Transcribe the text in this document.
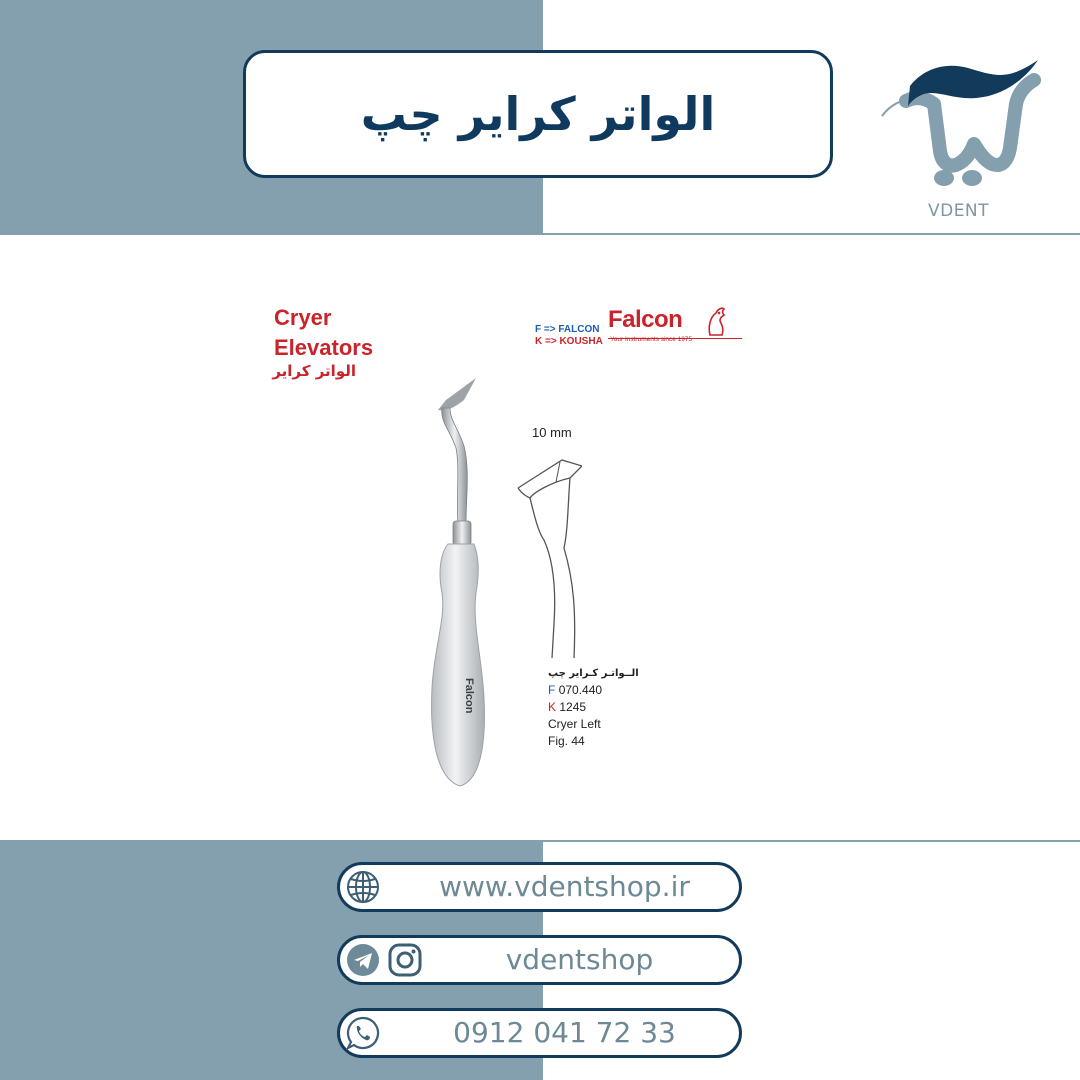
الواتر کرایر چپ
VDENT
Cryer
Elevators
الواتر کرایر
F => FALCON
K => KOUSHA
Falcon
Your Instruments since 1975
Falcon
10 mm
الــواتـر کـرایر چپ
F 070.440
K 1245
Cryer Left
Fig. 44
www.vdentshop.ir
vdentshop
0912 041 72 33
